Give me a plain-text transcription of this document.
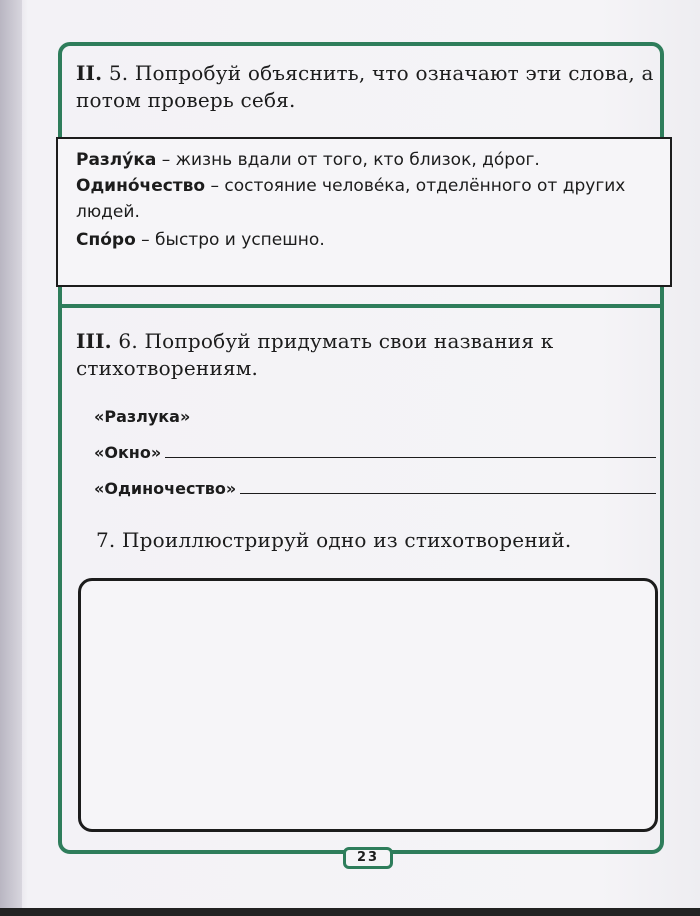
II. 5. Попробуй объяснить, что означают эти слова, а потом проверь себя.

Разлу́ка – жизнь вдали от того, кто близок, до́рог.

Одино́чество – состояние челове́ка, отделённого от других людей.

Спо́ро – быстро и успешно.

III. 6. Попробуй придумать свои названия к стихотворениям.
«Разлука»
«Окно»
«Одиночество»
7. Проиллюстрируй одно из стихотворений.
23
